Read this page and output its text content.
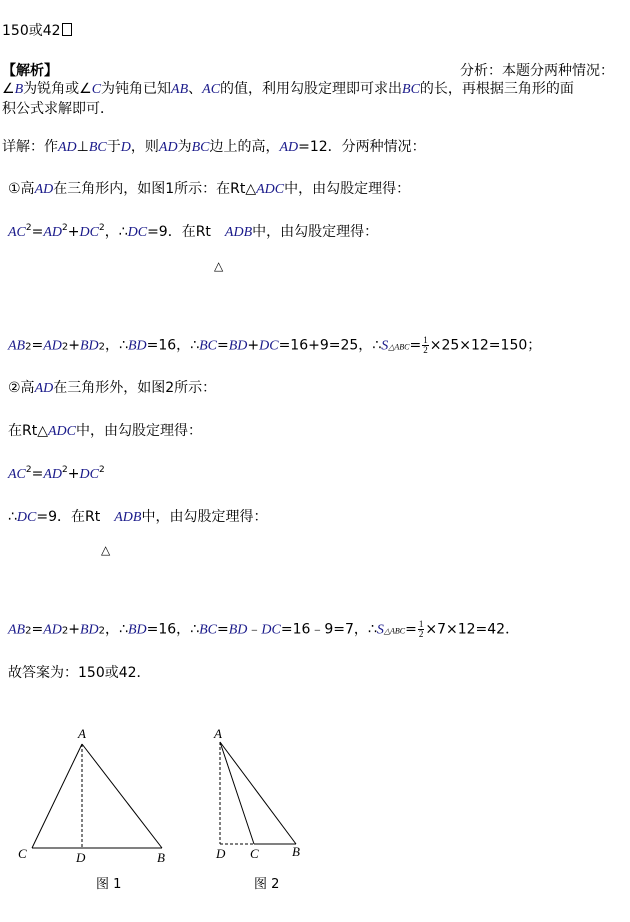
150或42
【解析】	分析：本题分两种情况：
∠B为锐角或∠C为钝角已知AB、AC的值，利用勾股定理即可求出BC的长，再根据三角形的面
积公式求解即可．
详解：作AD⊥BC于D，则AD为BC边上的高，AD=12．分两种情况：
①高AD在三角形内，如图1所示：在Rt△ADC中，由勾股定理得：
$AC^2=AD^2+DC^2$，∴DC=9．在Rt　ADB中，由勾股定理得：
△
AB2=AD2+BD2，∴BD=16，∴BC=BD+DC=16+9=25，∴S△ABC= $\frac{1}{2} \times 25\times 12=150$；
②高AD在三角形外，如图2所示：
在Rt△ADC中，由勾股定理得：
$AC^2=AD^2+DC^2$
∴DC=9．在Rt　ADB中，由勾股定理得：
△
AB2=AD2+BD2，∴BD=16，∴BC=BD﹣DC=16﹣9=7，∴S△ABC= $\frac{1}{2} \times 7\times 12=42$．
故答案为：150或42．
A
C	D	B
图 1
A
D C	B
图 2
